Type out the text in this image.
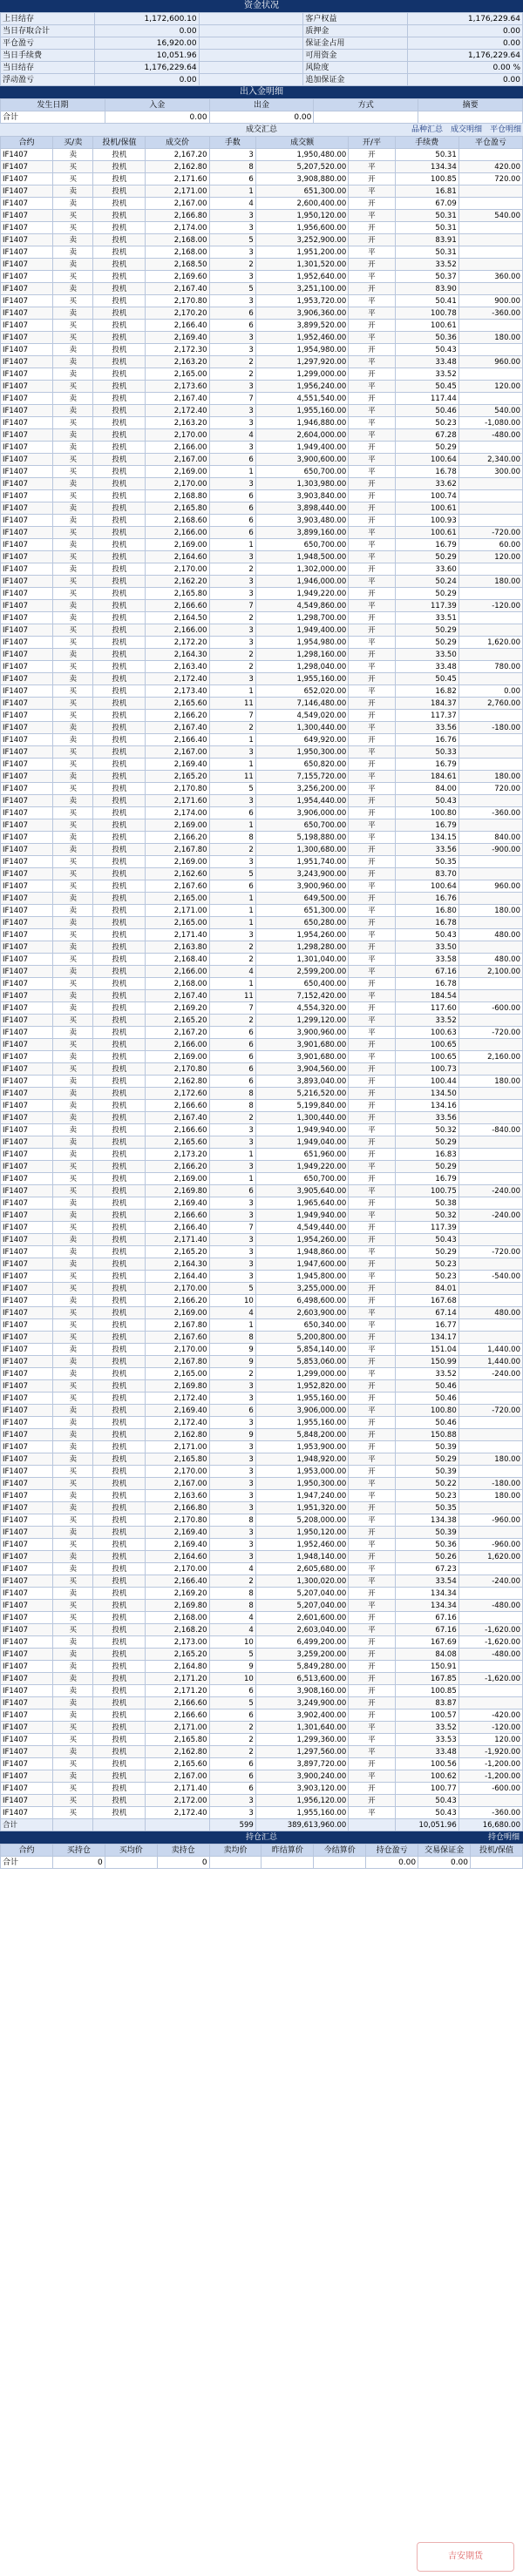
资金状况
上日结存	1,172,600.10		客户权益	1,176,229.64
当日存取合计	0.00		质押金	0.00
平仓盈亏	16,920.00		保证金占用	0.00
当日手续费	10,051.96		可用资金	1,176,229.64
当日结存	1,176,229.64		风险度	0.00 %
浮动盈亏	0.00		追加保证金	0.00
出入金明细
发生日期	入金	出金	方式	摘要
合计	0.00	0.00		
成交汇总	品种汇总　成交明细　平仓明细
合约	买/卖	投机/保值	成交价	手数	成交额	开/平	手续费	平仓盈亏
IF1407	卖	投机	2,167.20	3	1,950,480.00	开	50.31	
IF1407	买	投机	2,162.80	8	5,207,520.00	平	134.34	420.00
IF1407	买	投机	2,171.60	6	3,908,880.00	开	100.85	720.00
IF1407	卖	投机	2,171.00	1	651,300.00	平	16.81	
IF1407	卖	投机	2,167.00	4	2,600,400.00	开	67.09	
IF1407	买	投机	2,166.80	3	1,950,120.00	平	50.31	540.00
IF1407	买	投机	2,174.00	3	1,956,600.00	开	50.31	
IF1407	卖	投机	2,168.00	5	3,252,900.00	开	83.91	
IF1407	卖	投机	2,168.00	3	1,951,200.00	平	50.31	
IF1407	卖	投机	2,168.50	2	1,301,520.00	开	33.52	
IF1407	买	投机	2,169.60	3	1,952,640.00	平	50.37	360.00
IF1407	卖	投机	2,167.40	5	3,251,100.00	开	83.90	
IF1407	买	投机	2,170.80	3	1,953,720.00	平	50.41	900.00
IF1407	卖	投机	2,170.20	6	3,906,360.00	平	100.78	-360.00
IF1407	买	投机	2,166.40	6	3,899,520.00	开	100.61	
IF1407	买	投机	2,169.40	3	1,952,460.00	平	50.36	180.00
IF1407	卖	投机	2,172.30	3	1,954,980.00	开	50.43	
IF1407	卖	投机	2,163.20	2	1,297,920.00	平	33.48	960.00
IF1407	卖	投机	2,165.00	2	1,299,000.00	开	33.52	
IF1407	买	投机	2,173.60	3	1,956,240.00	平	50.45	120.00
IF1407	卖	投机	2,167.40	7	4,551,540.00	开	117.44	
IF1407	卖	投机	2,172.40	3	1,955,160.00	平	50.46	540.00
IF1407	买	投机	2,163.20	3	1,946,880.00	平	50.23	-1,080.00
IF1407	卖	投机	2,170.00	4	2,604,000.00	平	67.28	-480.00
IF1407	卖	投机	2,166.00	3	1,949,400.00	开	50.29	
IF1407	买	投机	2,167.00	6	3,900,600.00	平	100.64	2,340.00
IF1407	买	投机	2,169.00	1	650,700.00	平	16.78	300.00
IF1407	卖	投机	2,170.00	3	1,303,980.00	开	33.62	
IF1407	买	投机	2,168.80	6	3,903,840.00	开	100.74	
IF1407	卖	投机	2,165.80	6	3,898,440.00	开	100.61	
IF1407	卖	投机	2,168.60	6	3,903,480.00	开	100.93	
IF1407	买	投机	2,166.00	6	3,899,160.00	平	100.61	-720.00
IF1407	卖	投机	2,169.00	1	650,700.00	平	16.79	60.00
IF1407	买	投机	2,164.60	3	1,948,500.00	平	50.29	120.00
IF1407	卖	投机	2,170.00	2	1,302,000.00	开	33.60	
IF1407	买	投机	2,162.20	3	1,946,000.00	平	50.24	180.00
IF1407	买	投机	2,165.80	3	1,949,220.00	开	50.29	
IF1407	卖	投机	2,166.60	7	4,549,860.00	平	117.39	-120.00
IF1407	卖	投机	2,164.50	2	1,298,700.00	开	33.51	
IF1407	买	投机	2,166.00	3	1,949,400.00	开	50.29	
IF1407	买	投机	2,172.20	3	1,954,980.00	平	50.29	1,620.00
IF1407	卖	投机	2,164.30	2	1,298,160.00	开	33.50	
IF1407	买	投机	2,163.40	2	1,298,040.00	平	33.48	780.00
IF1407	卖	投机	2,172.40	3	1,955,160.00	开	50.45	
IF1407	买	投机	2,173.40	1	652,020.00	平	16.82	0.00
IF1407	买	投机	2,165.60	11	7,146,480.00	开	184.37	2,760.00
IF1407	买	投机	2,166.20	7	4,549,020.00	开	117.37	
IF1407	卖	投机	2,167.40	2	1,300,440.00	平	33.56	-180.00
IF1407	卖	投机	2,166.40	1	649,920.00	开	16.76	
IF1407	买	投机	2,167.00	3	1,950,300.00	平	50.33	
IF1407	买	投机	2,169.40	1	650,820.00	开	16.79	
IF1407	卖	投机	2,165.20	11	7,155,720.00	平	184.61	180.00
IF1407	买	投机	2,170.80	5	3,256,200.00	平	84.00	720.00
IF1407	卖	投机	2,171.60	3	1,954,440.00	开	50.43	
IF1407	买	投机	2,174.00	6	3,906,000.00	开	100.80	-360.00
IF1407	买	投机	2,169.00	1	650,700.00	平	16.79	
IF1407	卖	投机	2,166.20	8	5,198,880.00	平	134.15	840.00
IF1407	卖	投机	2,167.80	2	1,300,680.00	开	33.56	-900.00
IF1407	买	投机	2,169.00	3	1,951,740.00	开	50.35	
IF1407	买	投机	2,162.60	5	3,243,900.00	开	83.70	
IF1407	买	投机	2,167.60	6	3,900,960.00	平	100.64	960.00
IF1407	卖	投机	2,165.00	1	649,500.00	开	16.76	
IF1407	卖	投机	2,171.00	1	651,300.00	平	16.80	180.00
IF1407	卖	投机	2,165.00	1	650,280.00	开	16.78	
IF1407	买	投机	2,171.40	3	1,954,260.00	平	50.43	480.00
IF1407	卖	投机	2,163.80	2	1,298,280.00	开	33.50	
IF1407	买	投机	2,168.40	2	1,301,040.00	平	33.58	480.00
IF1407	卖	投机	2,166.00	4	2,599,200.00	平	67.16	2,100.00
IF1407	买	投机	2,168.00	1	650,400.00	开	16.78	
IF1407	卖	投机	2,167.40	11	7,152,420.00	平	184.54	
IF1407	卖	投机	2,169.20	7	4,554,320.00	开	117.60	-600.00
IF1407	买	投机	2,165.20	2	1,299,120.00	平	33.52	
IF1407	卖	投机	2,167.20	6	3,900,960.00	平	100.63	-720.00
IF1407	买	投机	2,166.00	6	3,901,680.00	开	100.65	
IF1407	卖	投机	2,169.00	6	3,901,680.00	平	100.65	2,160.00
IF1407	买	投机	2,170.80	6	3,904,560.00	开	100.73	
IF1407	卖	投机	2,162.80	6	3,893,040.00	开	100.44	180.00
IF1407	卖	投机	2,172.60	8	5,216,520.00	开	134.50	
IF1407	卖	投机	2,166.60	8	5,199,840.00	开	134.16	
IF1407	卖	投机	2,167.40	2	1,300,440.00	开	33.56	
IF1407	卖	投机	2,166.60	3	1,949,940.00	平	50.32	-840.00
IF1407	卖	投机	2,165.60	3	1,949,040.00	开	50.29	
IF1407	卖	投机	2,173.20	1	651,960.00	开	16.83	
IF1407	买	投机	2,166.20	3	1,949,220.00	平	50.29	
IF1407	买	投机	2,169.00	1	650,700.00	开	16.79	
IF1407	买	投机	2,169.80	6	3,905,640.00	平	100.75	-240.00
IF1407	卖	投机	2,169.40	3	1,965,640.00	开	50.38	
IF1407	卖	投机	2,166.60	3	1,949,940.00	平	50.32	-240.00
IF1407	买	投机	2,166.40	7	4,549,440.00	开	117.39	
IF1407	卖	投机	2,171.40	3	1,954,260.00	开	50.43	
IF1407	卖	投机	2,165.20	3	1,948,860.00	平	50.29	-720.00
IF1407	卖	投机	2,164.30	3	1,947,600.00	开	50.23	
IF1407	买	投机	2,164.40	3	1,945,800.00	平	50.23	-540.00
IF1407	买	投机	2,170.00	5	3,255,000.00	开	84.01	
IF1407	卖	投机	2,166.20	10	6,498,600.00	开	167.68	
IF1407	买	投机	2,169.00	4	2,603,900.00	平	67.14	480.00
IF1407	买	投机	2,167.80	1	650,340.00	平	16.77	
IF1407	买	投机	2,167.60	8	5,200,800.00	开	134.17	
IF1407	卖	投机	2,170.00	9	5,854,140.00	平	151.04	1,440.00
IF1407	卖	投机	2,167.80	9	5,853,060.00	开	150.99	1,440.00
IF1407	卖	投机	2,165.00	2	1,299,000.00	平	33.52	-240.00
IF1407	买	投机	2,169.80	3	1,952,820.00	开	50.46	
IF1407	买	投机	2,172.40	3	1,955,160.00	开	50.46	
IF1407	卖	投机	2,169.40	6	3,906,000.00	平	100.80	-720.00
IF1407	卖	投机	2,172.40	3	1,955,160.00	开	50.46	
IF1407	卖	投机	2,162.80	9	5,848,200.00	开	150.88	
IF1407	卖	投机	2,171.00	3	1,953,900.00	开	50.39	
IF1407	卖	投机	2,165.80	3	1,948,920.00	平	50.29	180.00
IF1407	买	投机	2,170.00	3	1,953,000.00	开	50.39	
IF1407	买	投机	2,167.00	3	1,950,300.00	平	50.22	-180.00
IF1407	卖	投机	2,163.60	3	1,947,240.00	平	50.23	180.00
IF1407	卖	投机	2,166.80	3	1,951,320.00	开	50.35	
IF1407	买	投机	2,170.80	8	5,208,000.00	平	134.38	-960.00
IF1407	卖	投机	2,169.40	3	1,950,120.00	开	50.39	
IF1407	买	投机	2,169.40	3	1,952,460.00	平	50.36	-960.00
IF1407	卖	投机	2,164.60	3	1,948,140.00	开	50.26	1,620.00
IF1407	卖	投机	2,170.00	4	2,605,680.00	平	67.23	
IF1407	买	投机	2,166.40	2	1,300,020.00	平	33.54	-240.00
IF1407	卖	投机	2,169.20	8	5,207,040.00	开	134.34	
IF1407	买	投机	2,169.80	8	5,207,040.00	平	134.34	-480.00
IF1407	买	投机	2,168.00	4	2,601,600.00	开	67.16	
IF1407	买	投机	2,168.20	4	2,603,040.00	平	67.16	-1,620.00
IF1407	卖	投机	2,173.00	10	6,499,200.00	开	167.69	-1,620.00
IF1407	卖	投机	2,165.20	5	3,259,200.00	开	84.08	-480.00
IF1407	卖	投机	2,164.80	9	5,849,280.00	开	150.91	
IF1407	卖	投机	2,171.20	10	6,513,600.00	开	167.85	-1,620.00
IF1407	卖	投机	2,171.20	6	3,908,160.00	开	100.85	
IF1407	卖	投机	2,166.60	5	3,249,900.00	开	83.87	
IF1407	卖	投机	2,166.60	6	3,902,400.00	开	100.57	-420.00
IF1407	买	投机	2,171.00	2	1,301,640.00	平	33.52	-120.00
IF1407	买	投机	2,165.80	2	1,299,360.00	平	33.53	120.00
IF1407	卖	投机	2,162.80	2	1,297,560.00	平	33.48	-1,920.00
IF1407	买	投机	2,165.60	6	3,897,720.00	开	100.56	-1,200.00
IF1407	卖	投机	2,167.00	6	3,900,240.00	平	100.62	-1,200.00
IF1407	买	投机	2,171.40	6	3,903,120.00	开	100.77	-600.00
IF1407	买	投机	2,172.00	3	1,956,120.00	开	50.43	
IF1407	买	投机	2,172.40	3	1,955,160.00	平	50.43	-360.00
合计				599	389,613,960.00		10,051.96	16,680.00
持仓汇总	持仓明细
合约	买持仓	买均价	卖持仓	卖均价	昨结算价	今结算价	持仓盈亏	交易保证金	投机/保值
合计	0		0				0.00	0.00	
吉安期货
